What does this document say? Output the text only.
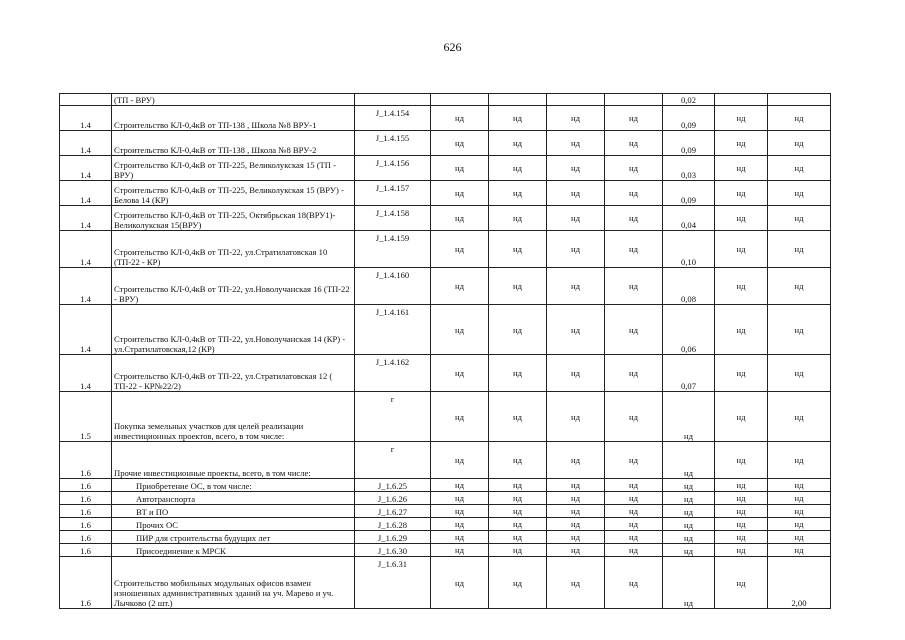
626
	(ТП - ВРУ)						0,02		
1.4	Строительство КЛ-0,4кВ от ТП-138 , Школа №8 ВРУ-1	J_1.4.154	нд	нд	нд	нд	0,09	нд	нд
1.4	Строительство КЛ-0,4кВ от ТП-138 , Школа №8 ВРУ-2	J_1.4.155	нд	нд	нд	нд	0,09	нд	нд
1.4	Строительство КЛ-0,4кВ от ТП-225, Великолукская 15 (ТП - ВРУ)	J_1.4.156	нд	нд	нд	нд	0,03	нд	нд
1.4	Строительство КЛ-0,4кВ от ТП-225, Великолукская 15 (ВРУ) - Белова 14 (КР)	J_1.4.157	нд	нд	нд	нд	0,09	нд	нд
1.4	Строительство КЛ-0,4кВ от ТП-225, Октябрьская 18(ВРУ1)- Великолукская 15(ВРУ)	J_1.4.158	нд	нд	нд	нд	0,04	нд	нд
1.4	Строительство КЛ-0,4кВ от ТП-22, ул.Стратилатовская 10 (ТП-22 - КР)	J_1.4.159	нд	нд	нд	нд	0,10	нд	нд
1.4	Строительство КЛ-0,4кВ от ТП-22, ул.Новолучанская 16 (ТП-22 - ВРУ)	J_1.4.160	нд	нд	нд	нд	0,08	нд	нд
1.4	Строительство КЛ-0,4кВ от ТП-22, ул.Новолучанская 14 (КР) - ул.Стратилатовская,12 (КР)	J_1.4.161	нд	нд	нд	нд	0,06	нд	нд
1.4	Строительство КЛ-0,4кВ от ТП-22, ул.Стратилатовская 12 ( ТП-22 - КР№22/2)	J_1.4.162	нд	нд	нд	нд	0,07	нд	нд
1.5	Покупка земельных участков для целей реализации инвестиционных проектов, всего, в том числе:	г	нд	нд	нд	нд	нд	нд	нд
1.6	Прочие инвестиционные проекты, всего, в том числе:	г	нд	нд	нд	нд	нд	нд	нд
1.6	Приобретение ОС, в том числе:	J_1.6.25	нд	нд	нд	нд	нд	нд	нд
1.6	Автотранспорта	J_1.6.26	нд	нд	нд	нд	нд	нд	нд
1.6	ВТ и ПО	J_1.6.27	нд	нд	нд	нд	нд	нд	нд
1.6	Прочих ОС	J_1.6.28	нд	нд	нд	нд	нд	нд	нд
1.6	ПИР для строительства будущих лет	J_1.6.29	нд	нд	нд	нд	нд	нд	нд
1.6	Присоединение к МРСК	J_1.6.30	нд	нд	нд	нд	нд	нд	нд
1.6	Строительство мобильных модульных офисов взамен изношенных административных зданий на уч. Марево и уч. Лычково (2 шт.)	J_1.6.31	нд	нд	нд	нд	нд	нд	2,00
